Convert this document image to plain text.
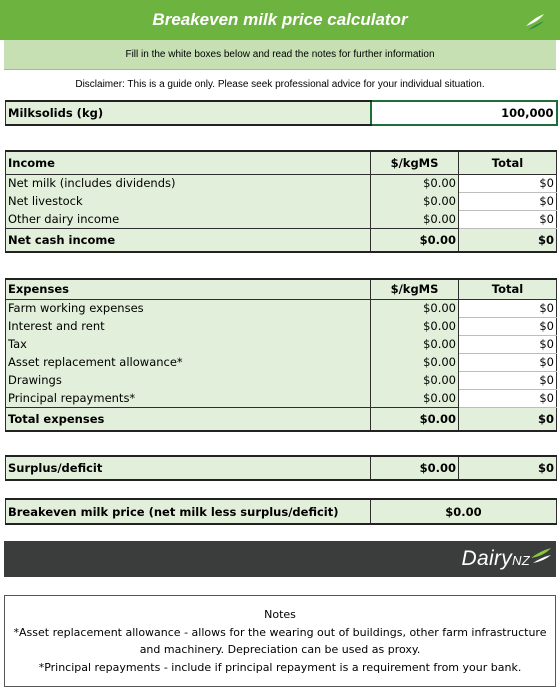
Breakeven milk price calculator
Fill in the white boxes below and read the notes for further information
Disclaimer: This is a guide only. Please seek professional advice for your individual situation.
Milksolids (kg)	100,000
Income	$/kgMS	Total
Net milk (includes dividends)	$0.00	$0
Net livestock	$0.00	$0
Other dairy income	$0.00	$0
Net cash income	$0.00	$0
Expenses	$/kgMS	Total
Farm working expenses	$0.00	$0
Interest and rent	$0.00	$0
Tax	$0.00	$0
Asset replacement allowance*	$0.00	$0
Drawings	$0.00	$0
Principal repayments*	$0.00	$0
Total expenses	$0.00	$0
Surplus/deficit	$0.00	$0
Breakeven milk price (net milk less surplus/deficit)	$0.00
DairyNZ
Notes
*Asset replacement allowance - allows for the wearing out of buildings, other farm infrastructure
and machinery. Depreciation can be used as proxy.
*Principal repayments - include if principal repayment is a requirement from your bank.
